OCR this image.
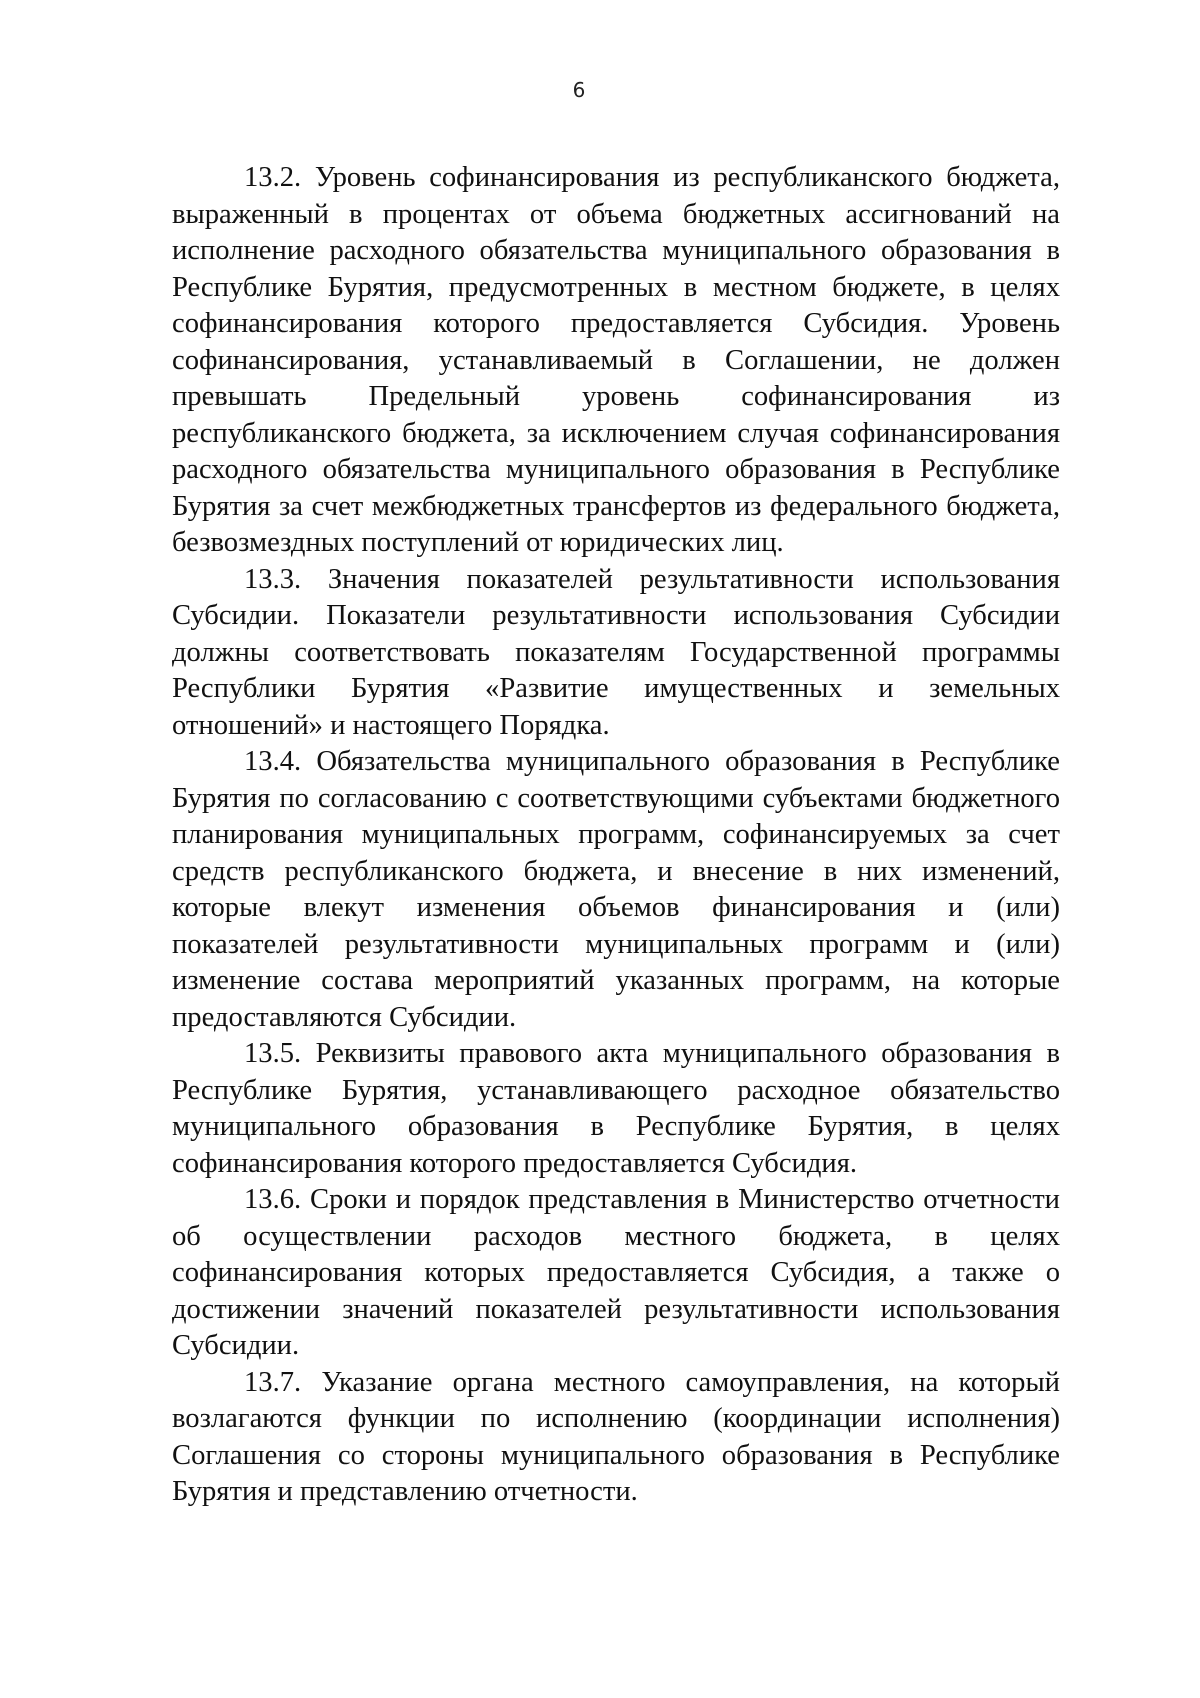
6

13.2. Уровень софинансирования из республиканского бюджета, выраженный в процентах от объема бюджетных ассигнований на исполнение расходного обязательства муниципального образования в Республике Бурятия, предусмотренных в местном бюджете, в целях софинансирования которого предоставляется Субсидия. Уровень софинансирования, устанавливаемый в Соглашении, не должен превышать Предельный уровень софинансирования из республиканского бюджета, за исключением случая софинансирования расходного обязательства муниципального образования в Республике Бурятия за счет межбюджетных трансфертов из федерального бюджета, безвозмездных поступлений от юридических лиц.

13.3. Значения показателей результативности использования Субсидии. Показатели результативности использования Субсидии должны соответствовать показателям Государственной программы Республики Бурятия «Развитие имущественных и земельных отношений» и настоящего Порядка.

13.4. Обязательства муниципального образования в Республике Бурятия по согласованию с соответствующими субъектами бюджетного планирования муниципальных программ, софинансируемых за счет средств республиканского бюджета, и внесение в них изменений, которые влекут изменения объемов финансирования и (или) показателей результативности муниципальных программ и (или) изменение состава мероприятий указанных программ, на которые предоставляются Субсидии.

13.5. Реквизиты правового акта муниципального образования в Республике Бурятия, устанавливающего расходное обязательство муниципального образования в Республике Бурятия, в целях софинансирования которого предоставляется Субсидия.

13.6. Сроки и порядок представления в Министерство отчетности об осуществлении расходов местного бюджета, в целях софинансирования которых предоставляется Субсидия, а также о достижении значений показателей результативности использования Субсидии.

13.7. Указание органа местного самоуправления, на который возлагаются функции по исполнению (координации исполнения) Соглашения со стороны муниципального образования в Республике Бурятия и представлению отчетности.
